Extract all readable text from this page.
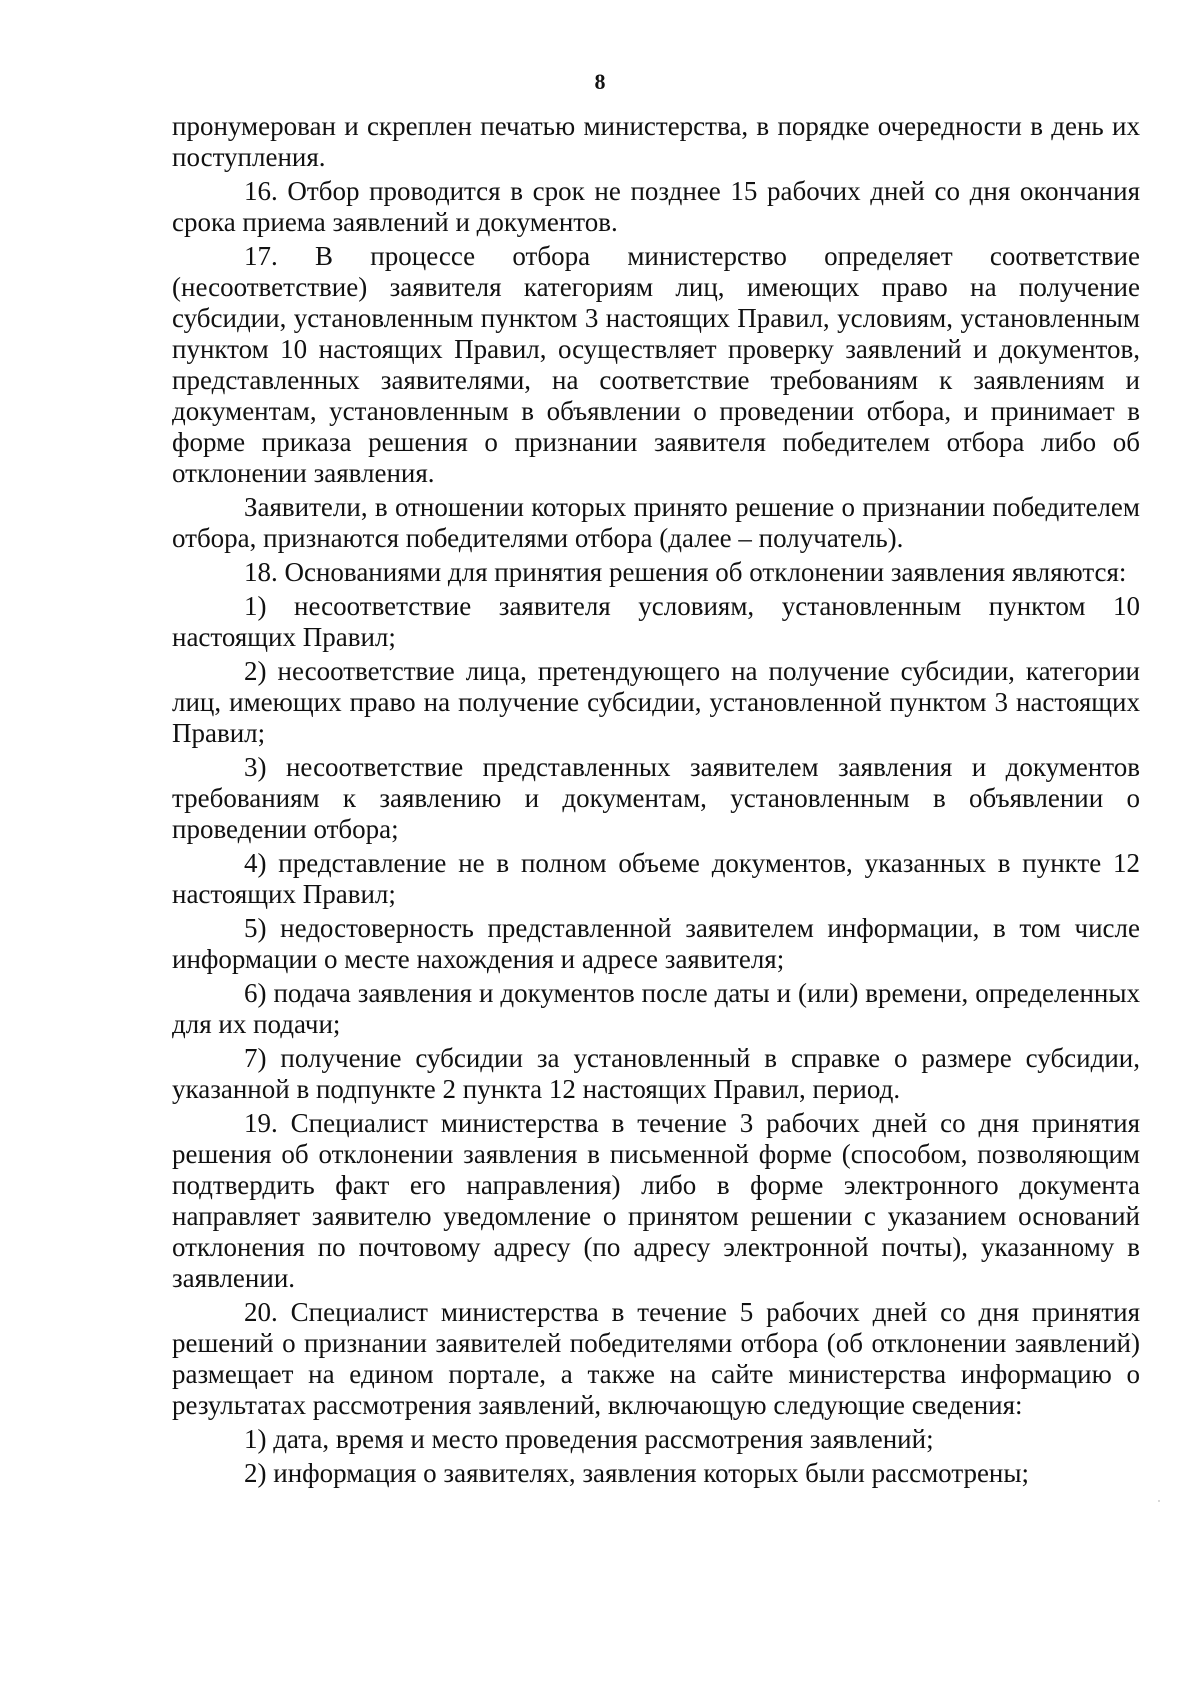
8

пронумерован и скреплен печатью министерства, в порядке очередности в день их поступления.

16. Отбор проводится в срок не позднее 15 рабочих дней со дня окончания срока приема заявлений и документов.

17. В процессе отбора министерство определяет соответствие (несоответствие) заявителя категориям лиц, имеющих право на получение субсидии, установленным пунктом 3 настоящих Правил, условиям, установленным пунктом 10 настоящих Правил, осуществляет проверку заявлений и документов, представленных заявителями, на соответствие требованиям к заявлениям и документам, установленным в объявлении о проведении отбора, и принимает в форме приказа решения о признании заявителя победителем отбора либо об отклонении заявления.

Заявители, в отношении которых принято решение о признании победителем отбора, признаются победителями отбора (далее – получатель).

18. Основаниями для принятия решения об отклонении заявления являются:

1) несоответствие заявителя условиям, установленным пунктом 10 настоящих Правил;

2) несоответствие лица, претендующего на получение субсидии, категории лиц, имеющих право на получение субсидии, установленной пунктом 3 настоящих Правил;

3) несоответствие представленных заявителем заявления и документов требованиям к заявлению и документам, установленным в объявлении о проведении отбора;

4) представление не в полном объеме документов, указанных в пункте 12 настоящих Правил;

5) недостоверность представленной заявителем информации, в том числе информации о месте нахождения и адресе заявителя;

6) подача заявления и документов после даты и (или) времени, определенных для их подачи;

7) получение субсидии за установленный в справке о размере субсидии, указанной в подпункте 2 пункта 12 настоящих Правил, период.

19. Специалист министерства в течение 3 рабочих дней со дня принятия решения об отклонении заявления в письменной форме (способом, позволяющим подтвердить факт его направления) либо в форме электронного документа направляет заявителю уведомление о принятом решении с указанием оснований отклонения по почтовому адресу (по адресу электронной почты), указанному в заявлении.

20. Специалист министерства в течение 5 рабочих дней со дня принятия решений о признании заявителей победителями отбора (об отклонении заявлений) размещает на едином портале, а также на сайте министерства информацию о результатах рассмотрения заявлений, включающую следующие сведения:

1) дата, время и место проведения рассмотрения заявлений;

2) информация о заявителях, заявления которых были рассмотрены;
